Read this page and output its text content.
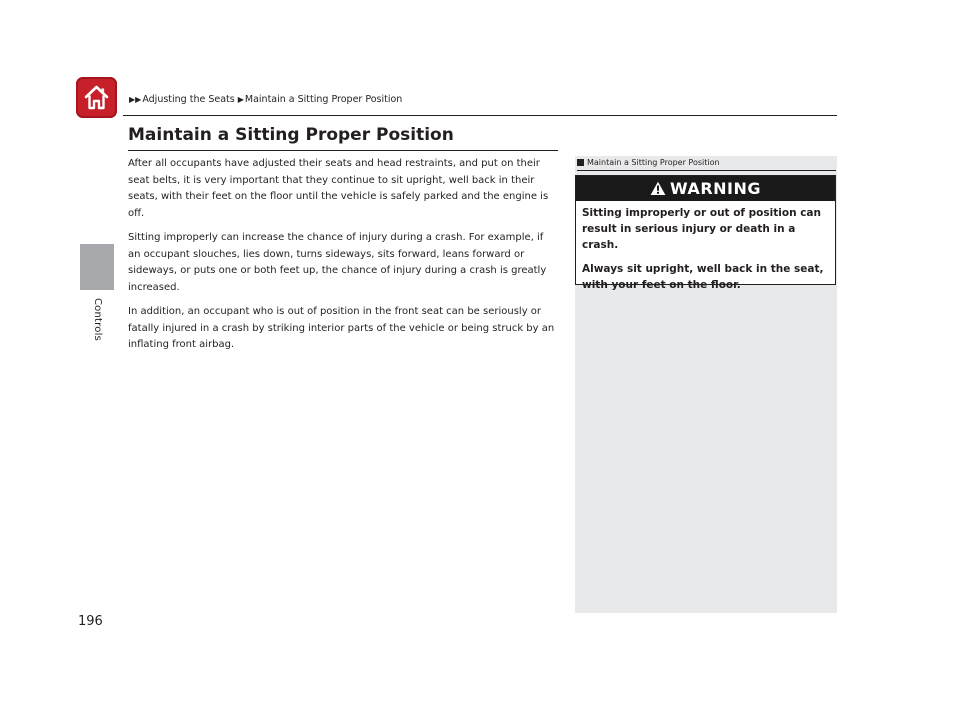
Controls
▶▶Adjusting the Seats ▶Maintain a Sitting Proper Position
Maintain a Sitting Proper Position

After all occupants have adjusted their seats and head restraints, and put on their seat belts, it is very important that they continue to sit upright, well back in their seats, with their feet on the floor until the vehicle is safely parked and the engine is off.

Sitting improperly can increase the chance of injury during a crash. For example, if an occupant slouches, lies down, turns sideways, sits forward, leans forward or sideways, or puts one or both feet up, the chance of injury during a crash is greatly increased.

In addition, an occupant who is out of position in the front seat can be seriously or fatally injured in a crash by striking interior parts of the vehicle or being struck by an inflating front airbag.

Maintain a Sitting Proper Position
WARNING

Sitting improperly or out of position can result in serious injury or death in a crash.

Always sit upright, well back in the seat, with your feet on the floor.

196
